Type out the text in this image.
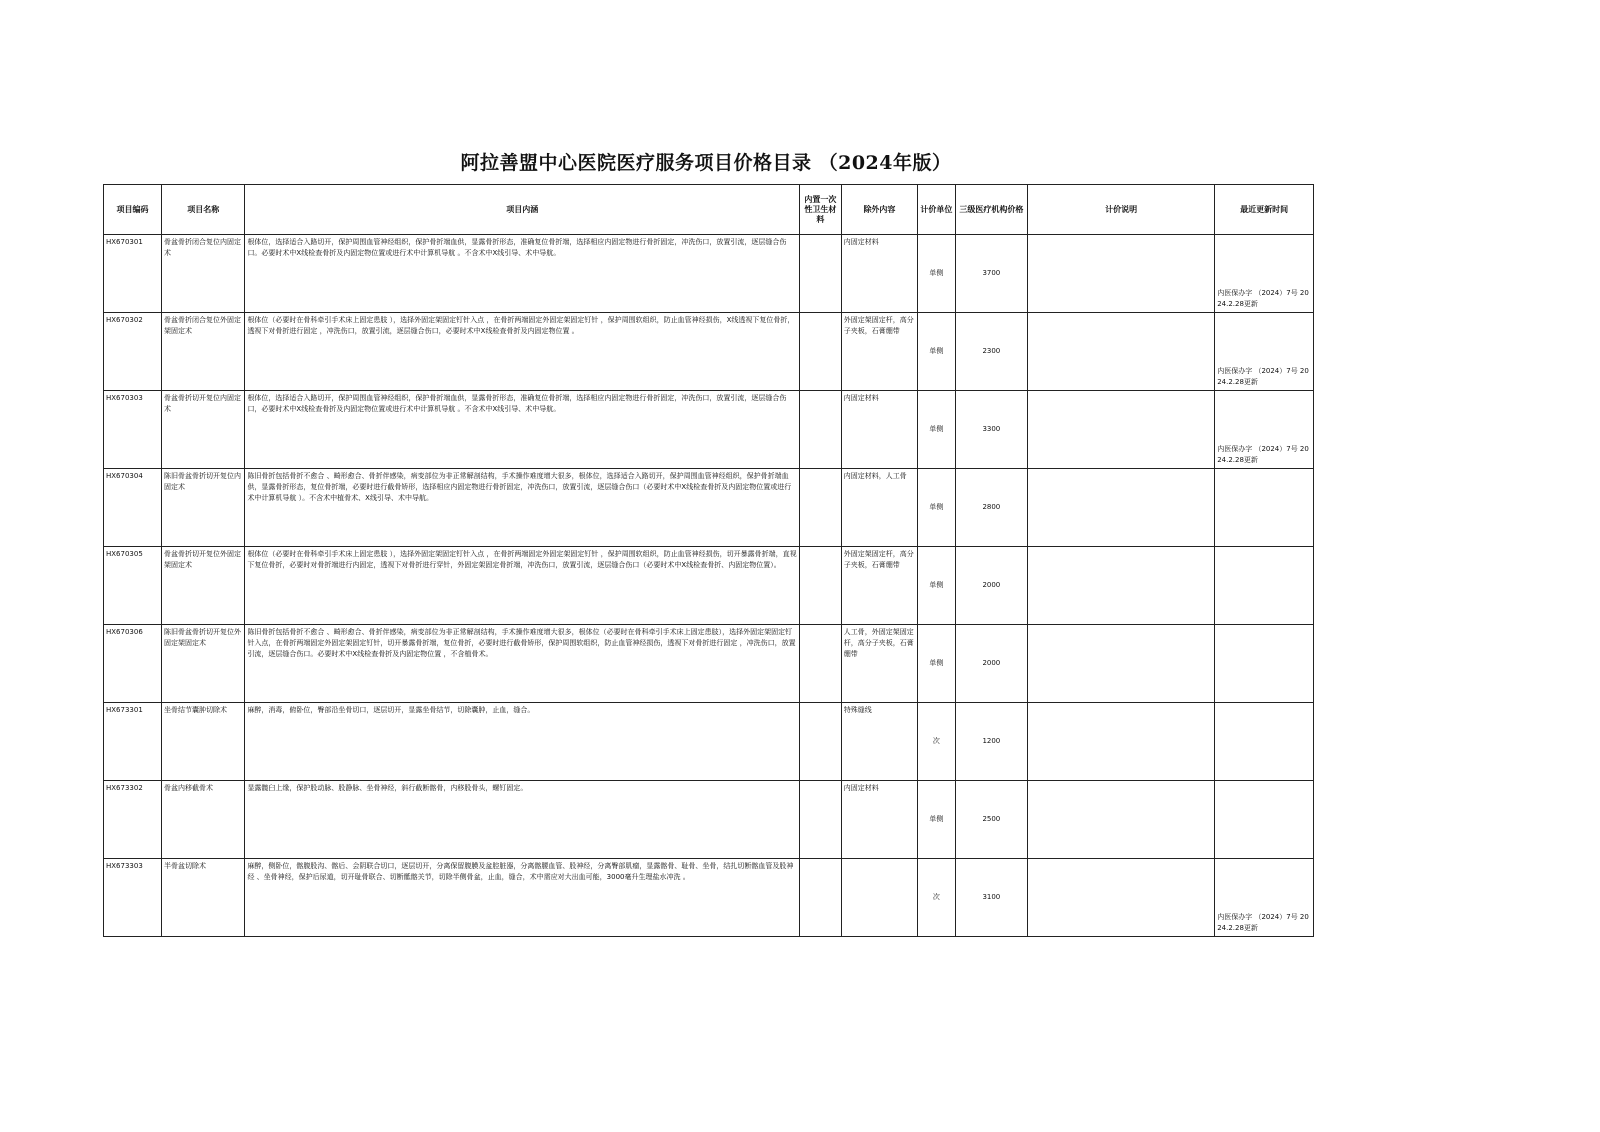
阿拉善盟中心医院医疗服务项目价格目录 （2024年版）
项目编码	项目名称	项目内涵	内置一次性卫生材料	除外内容	计价单位	三级医疗机构价格	计价说明	最近更新时间
HX670301	骨盆骨折闭合复位内固定术	根体位，选择适合入路切开，保护周围血管神经组织，保护骨折端血供，显露骨折形态，准确复位骨折端，选择相应内固定物进行骨折固定，冲洗伤口，放置引流，逐层缝合伤口。必要时术中X线检查骨折及内固定物位置或进行术中计算机导航 。不含术中X线引导、术中导航。		内固定材料	单侧	3700		内医保办字 （2024）7号 2024.2.28更新
HX670302	骨盆骨折闭合复位外固定架固定术	根体位（必要时在骨科牵引手术床上固定患肢 ），选择外固定架固定钉针入点 ，在骨折两端固定外固定架固定钉针 ，保护周围软组织，防止血管神经损伤，X线透视下复位骨折，透视下对骨折进行固定 ，冲洗伤口，放置引流，逐层缝合伤口，必要时术中X线检查骨折及内固定物位置 。		外固定架固定杆，高分子夹板，石膏绷带	单侧	2300		内医保办字 （2024）7号 2024.2.28更新
HX670303	骨盆骨折切开复位内固定术	根体位，选择适合入路切开，保护周围血管神经组织，保护骨折端血供，显露骨折形态，准确复位骨折端，选择相应内固定物进行骨折固定，冲洗伤口，放置引流，逐层缝合伤口，必要时术中X线检查骨折及内固定物位置或进行术中计算机导航 。不含术中X线引导、术中导航。		内固定材料	单侧	3300		内医保办字 （2024）7号 2024.2.28更新
HX670304	陈旧骨盆骨折切开复位内固定术	陈旧骨折包括骨折不愈合 、畸形愈合、骨折伴感染，病变部位为非正常解剖结构，手术操作难度增大很多，根体位，选择适合入路切开，保护周围血管神经组织，保护骨折端血供，显露骨折形态，复位骨折端，必要时进行截骨矫形，选择相应内固定物进行骨折固定，冲洗伤口，放置引流，逐层缝合伤口（必要时术中X线检查骨折及内固定物位置或进行术中计算机导航 ）。不含术中植骨术、X线引导、术中导航。		内固定材料，人工骨	单侧	2800		
HX670305	骨盆骨折切开复位外固定架固定术	根体位（必要时在骨科牵引手术床上固定患肢 ），选择外固定架固定钉针入点 ，在骨折两端固定外固定架固定钉针 ，保护周围软组织，防止血管神经损伤，切开暴露骨折端，直视下复位骨折，必要时对骨折端进行内固定，透视下对骨折进行穿针，外固定架固定骨折端，冲洗伤口，放置引流，逐层缝合伤口（必要时术中X线检查骨折、内固定物位置）。		外固定架固定杆，高分子夹板，石膏绷带	单侧	2000		
HX670306	陈旧骨盆骨折切开复位外固定架固定术	陈旧骨折包括骨折不愈合 、畸形愈合、骨折伴感染，病变部位为非正常解剖结构，手术操作难度增大很多，根体位（必要时在骨科牵引手术床上固定患肢），选择外固定架固定钉针入点，在骨折两端固定外固定架固定钉针，切开暴露骨折端，复位骨折，必要时进行截骨矫形，保护周围软组织，防止血管神经损伤，透视下对骨折进行固定 ，冲洗伤口，放置引流，逐层缝合伤口。必要时术中X线检查骨折及内固定物位置 ，不含植骨术。		人工骨，外固定架固定杆，高分子夹板，石膏绷带	单侧	2000		
HX673301	坐骨结节囊肿切除术	麻醉，消毒，俯卧位，臀部沿坐骨切口，逐层切开，显露坐骨结节，切除囊肿，止血，缝合。		特殊缝线	次	1200		
HX673302	骨盆内移截骨术	显露髋臼上缘，保护股动脉、股静脉、坐骨神经，斜行截断髂骨，内移股骨头，螺钉固定。		内固定材料	单侧	2500		
HX673303	半骨盆切除术	麻醉，侧卧位，髂腹股沟、髂后、会阴联合切口，逐层切开，分离保留腹膜及盆腔脏器，分离髂腰血管、股神经，分离臀部肌瘤，显露髂骨、耻骨、坐骨，结扎切断髂血管及股神经 、坐骨神经，保护后尿道，切开耻骨联合、切断骶髂关节，切除半侧骨盆，止血，缝合，术中需应对大出血可能，3000毫升生理盐水冲洗 。			次	3100		内医保办字 （2024）7号 2024.2.28更新
